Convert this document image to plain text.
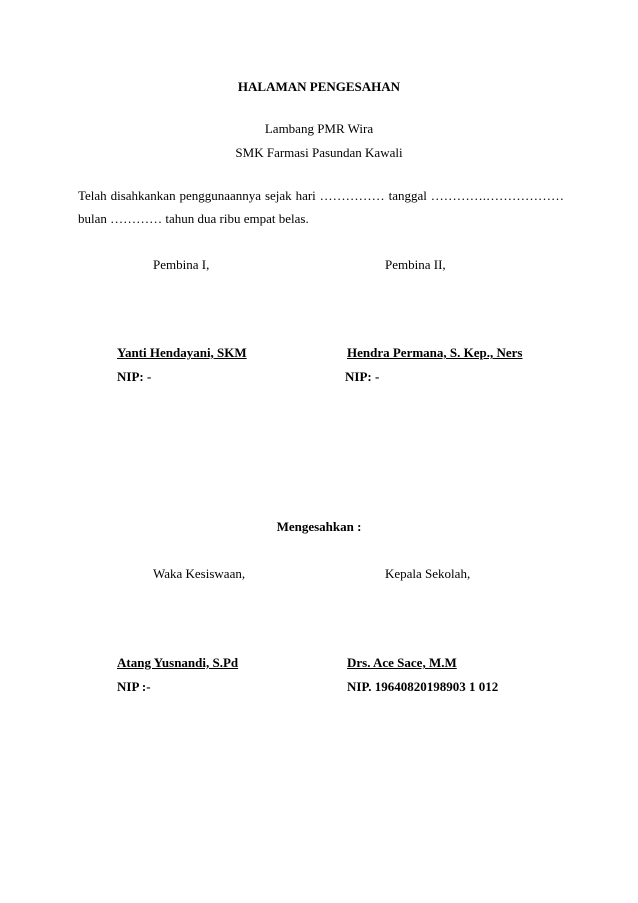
HALAMAN PENGESAHAN
Lambang PMR Wira
SMK Farmasi Pasundan Kawali
Telah disahkankan penggunaannya sejak hari …………… tanggal ………….………………
bulan ………… tahun dua ribu empat belas.
Pembina I,	Pembina II,
Yanti Hendayani, SKM	Hendra Permana, S. Kep., Ners
NIP: -	NIP: -
Mengesahkan :
Waka Kesiswaan,	Kepala Sekolah,
Atang Yusnandi, S.Pd	Drs. Ace Sace, M.M
NIP :-	NIP. 19640820198903 1 012
